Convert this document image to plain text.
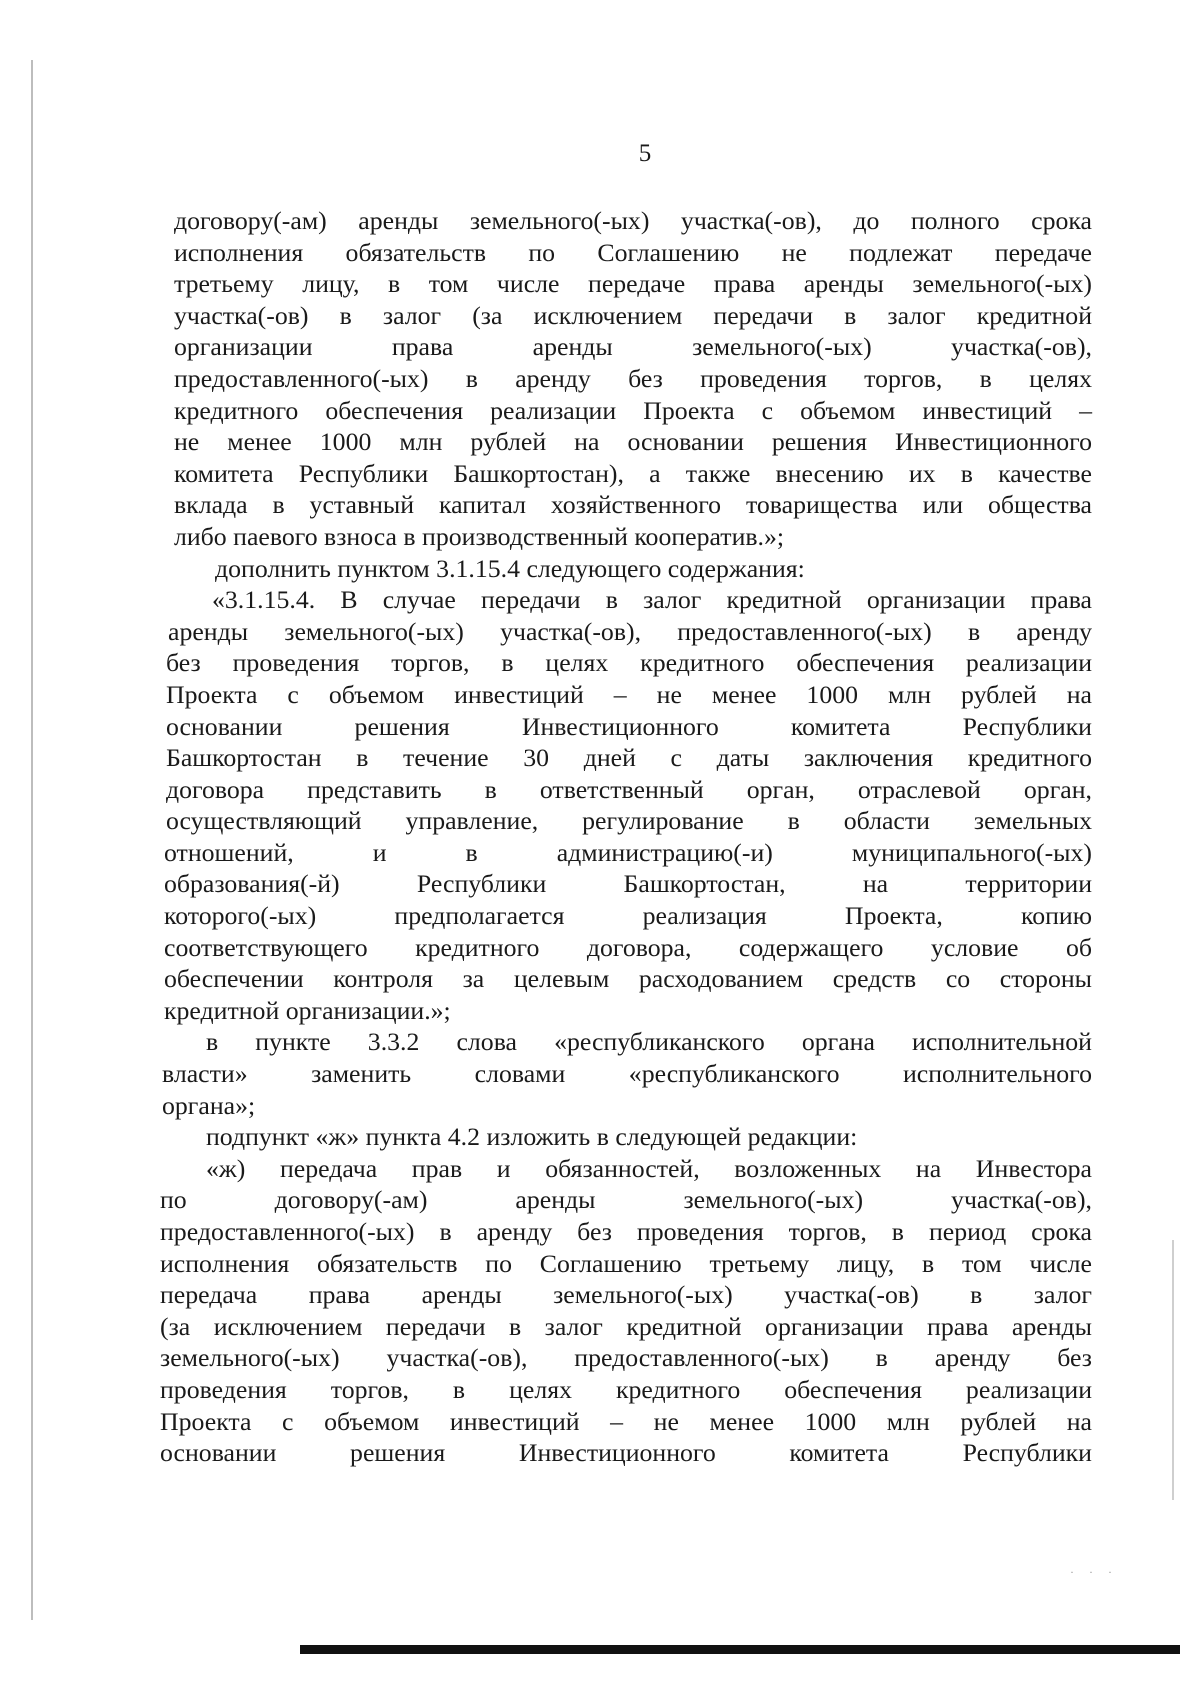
· · ·
5
договору(-ам) аренды земельного(-ых) участка(-ов), до полного срока
исполнения обязательств по Соглашению не подлежат передаче
третьему лицу, в том числе передаче права аренды земельного(-ых)
участка(-ов) в залог (за исключением передачи в залог кредитной
организации права аренды земельного(-ых) участка(-ов),
предоставленного(-ых) в аренду без проведения торгов, в целях
кредитного обеспечения реализации Проекта с объемом инвестиций –
не менее 1000 млн рублей на основании решения Инвестиционного
комитета Республики Башкортостан), а также внесению их в качестве
вклада в уставный капитал хозяйственного товарищества или общества
либо паевого взноса в производственный кооператив.»;
дополнить пунктом 3.1.15.4 следующего содержания:
«3.1.15.4. В случае передачи в залог кредитной организации права
аренды земельного(-ых) участка(-ов), предоставленного(-ых) в аренду
без проведения торгов, в целях кредитного обеспечения реализации
Проекта с объемом инвестиций – не менее 1000 млн рублей на
основании решения Инвестиционного комитета Республики
Башкортостан в течение 30 дней с даты заключения кредитного
договора представить в ответственный орган, отраслевой орган,
осуществляющий управление, регулирование в области земельных
отношений, и в администрацию(-и) муниципального(-ых)
образования(-й) Республики Башкортостан, на территории
которого(-ых) предполагается реализация Проекта, копию
соответствующего кредитного договора, содержащего условие об
обеспечении контроля за целевым расходованием средств со стороны
кредитной организации.»;
в пункте 3.3.2 слова «республиканского органа исполнительной
власти» заменить словами «республиканского исполнительного
органа»;
подпункт «ж» пункта 4.2 изложить в следующей редакции:
«ж) передача прав и обязанностей, возложенных на Инвестора
по договору(-ам) аренды земельного(-ых) участка(-ов),
предоставленного(-ых) в аренду без проведения торгов, в период срока
исполнения обязательств по Соглашению третьему лицу, в том числе
передача права аренды земельного(-ых) участка(-ов) в залог
(за исключением передачи в залог кредитной организации права аренды
земельного(-ых) участка(-ов), предоставленного(-ых) в аренду без
проведения торгов, в целях кредитного обеспечения реализации
Проекта с объемом инвестиций – не менее 1000 млн рублей на
основании решения Инвестиционного комитета Республики
